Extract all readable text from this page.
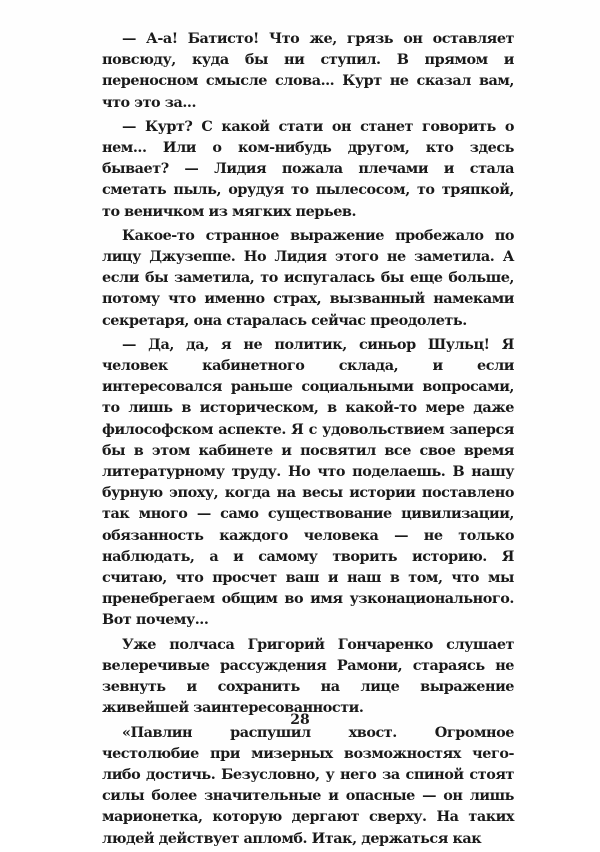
— А-а! Батисто! Что же, грязь он оставляет повсюду, куда бы ни ступил. В прямом и переносном смысле слова... Курт не сказал вам, что это за...

— Курт? С какой стати он станет говорить о нем... Или о ком-нибудь другом, кто здесь бывает? — Лидия пожала плечами и стала сметать пыль, орудуя то пылесосом, то тряпкой, то веничком из мягких перьев.

Какое-то странное выражение пробежало по лицу Джузеппе. Но Лидия этого не заметила. А если бы заметила, то испугалась бы еще больше, потому что именно страх, вызванный намеками секретаря, она старалась сейчас преодолеть.

— Да, да, я не политик, синьор Шульц! Я человек кабинетного склада, и если интересовался раньше социальными вопросами, то лишь в историческом, в какой-то мере даже философском аспекте. Я с удовольствием заперся бы в этом кабинете и посвятил все свое время литературному труду. Но что поделаешь. В нашу бурную эпоху, когда на весы истории поставлено так много — само существование цивилизации, обязанность каждого человека — не только наблюдать, а и самому творить историю. Я считаю, что просчет ваш и наш в том, что мы пренебрегаем общим во имя узконационального. Вот почему...

Уже полчаса Григорий Гончаренко слушает велеречивые рассуждения Рамони, стараясь не зевнуть и сохранить на лице выражение живейшей заинтересованности.

«Павлин распушил хвост. Огромное честолюбие при мизерных возможностях чего-либо достичь. Безусловно, у него за спиной стоят силы более значительные и опасные — он лишь марионетка, которую дергают сверху. На таких людей действует апломб. Итак, держаться как

28
